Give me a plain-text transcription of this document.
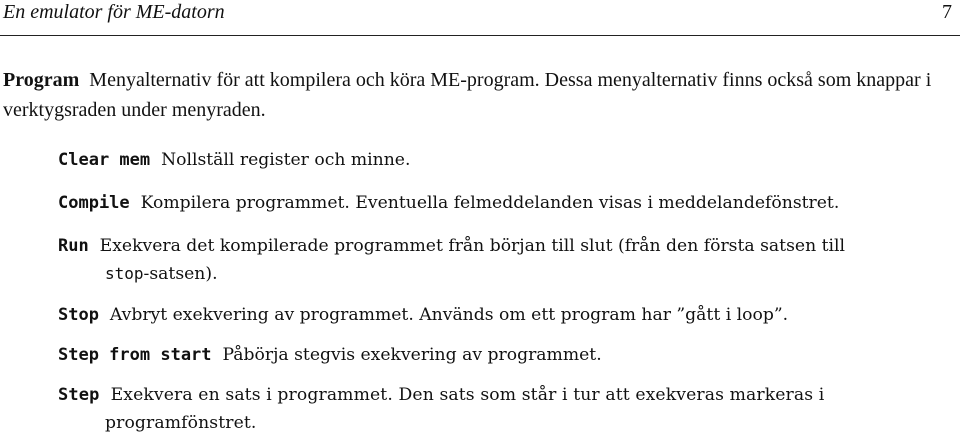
En emulator för ME-datorn	7

Program Menyalternativ för att kompilera och köra ME-program. Dessa menyalternativ finns också som knappar i verktygsraden under menyraden.

Clear mem Nollställ register och minne.

Compile Kompilera programmet. Eventuella felmeddelanden visas i meddelandefönstret.

Run Exekvera det kompilerade programmet från början till slut (från den första satsen till
stop-satsen).

Stop Avbryt exekvering av programmet. Används om ett program har ”gått i loop”.

Step from start Påbörja stegvis exekvering av programmet.

Step Exekvera en sats i programmet. Den sats som står i tur att exekveras markeras i
programfönstret.
